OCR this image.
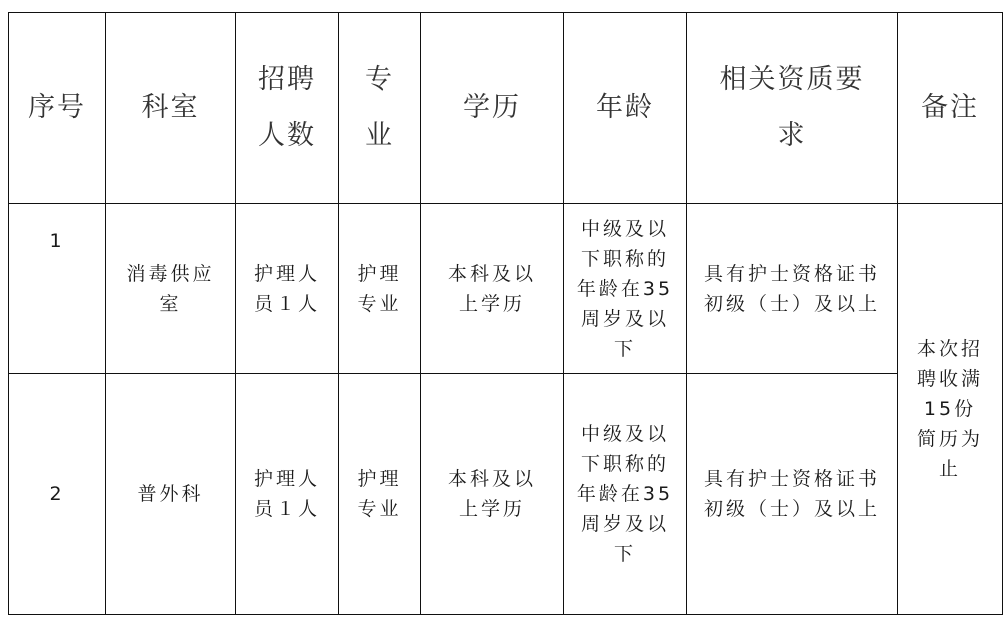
序号	科室	招聘人数	专业	学历	年龄	相关资质要求	备注
1	消毒供应室	护理人员１人	护理专业	本科及以上学历	中级及以下职称的年龄在35周岁及以下	具有护士资格证书初级（士）及以上	本次招聘收满15份简历为止
2	普外科	护理人员１人	护理专业	本科及以上学历	中级及以下职称的年龄在35周岁及以下	具有护士资格证书初级（士）及以上	
